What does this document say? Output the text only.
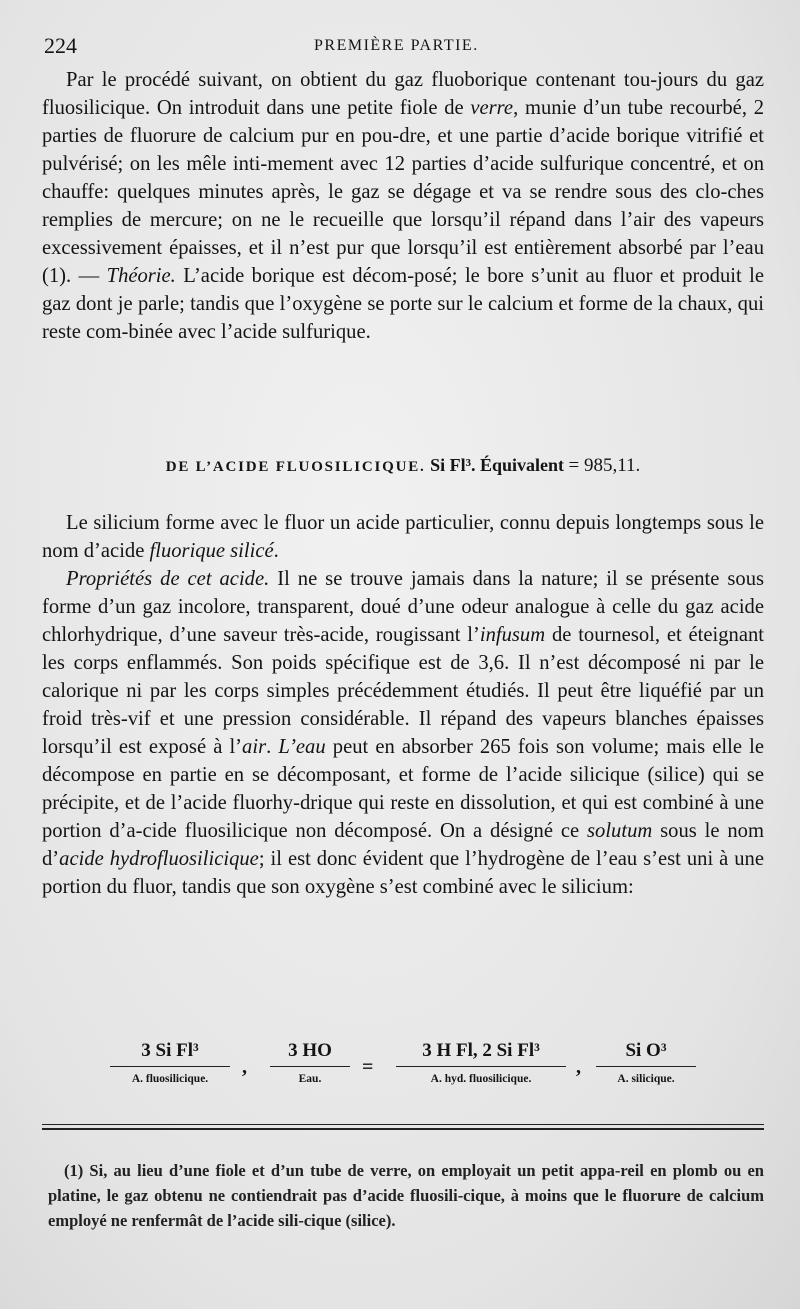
224	PREMIÈRE PARTIE.

Par le procédé suivant, on obtient du gaz fluoborique contenant tou-jours du gaz fluosilicique. On introduit dans une petite fiole de verre, munie d’un tube recourbé, 2 parties de fluorure de calcium pur en pou-dre, et une partie d’acide borique vitrifié et pulvérisé; on les mêle inti-mement avec 12 parties d’acide sulfurique concentré, et on chauffe: quelques minutes après, le gaz se dégage et va se rendre sous des clo-ches remplies de mercure; on ne le recueille que lorsqu’il répand dans l’air des vapeurs excessivement épaisses, et il n’est pur que lorsqu’il est entièrement absorbé par l’eau (1). — Théorie. L’acide borique est décom-posé; le bore s’unit au fluor et produit le gaz dont je parle; tandis que l’oxygène se porte sur le calcium et forme de la chaux, qui reste com-binée avec l’acide sulfurique.

DE L’ACIDE FLUOSILICIQUE. Si Fl³. Équivalent = 985,11.

Le silicium forme avec le fluor un acide particulier, connu depuis longtemps sous le nom d’acide fluorique silicé.

Propriétés de cet acide. Il ne se trouve jamais dans la nature; il se présente sous forme d’un gaz incolore, transparent, doué d’une odeur analogue à celle du gaz acide chlorhydrique, d’une saveur très-acide, rougissant l’infusum de tournesol, et éteignant les corps enflammés. Son poids spécifique est de 3,6. Il n’est décomposé ni par le calorique ni par les corps simples précédemment étudiés. Il peut être liquéfié par un froid très-vif et une pression considérable. Il répand des vapeurs blanches épaisses lorsqu’il est exposé à l’air. L’eau peut en absorber 265 fois son volume; mais elle le décompose en partie en se décomposant, et forme de l’acide silicique (silice) qui se précipite, et de l’acide fluorhy-drique qui reste en dissolution, et qui est combiné à une portion d’a-cide fluosilicique non décomposé. On a désigné ce solutum sous le nom d’acide hydrofluosilicique; il est donc évident que l’hydrogène de l’eau s’est uni à une portion du fluor, tandis que son oxygène s’est combiné avec le silicium:

3 Si Fl³
A. fluosilicique.
,
3 HO
Eau.
=
3 H Fl, 2 Si Fl³
A. hyd. fluosilicique.
,
Si O³
A. silicique.

(1) Si, au lieu d’une fiole et d’un tube de verre, on employait un petit appa-reil en plomb ou en platine, le gaz obtenu ne contiendrait pas d’acide fluosili-cique, à moins que le fluorure de calcium employé ne renfermât de l’acide sili-cique (silice).
